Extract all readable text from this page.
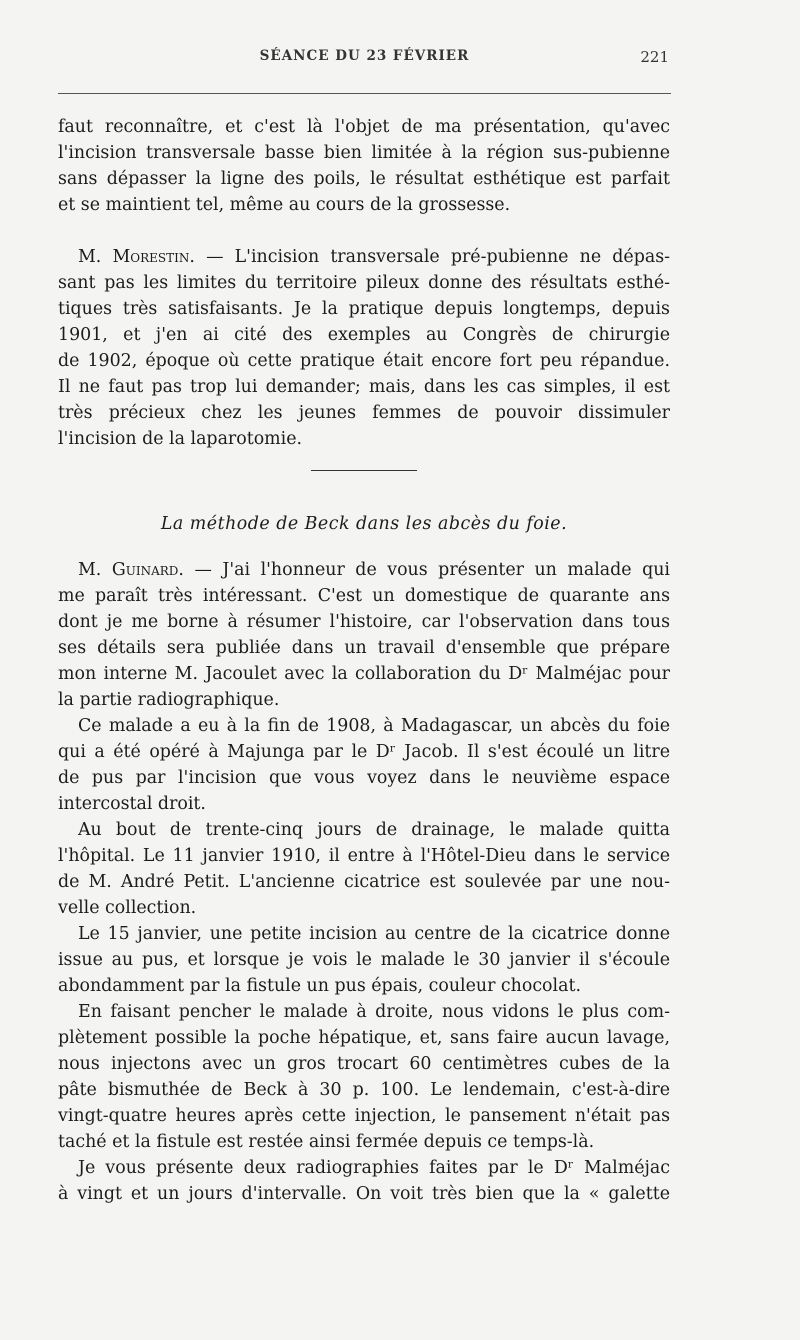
SÉANCE DU 23 FÉVRIER	221
faut reconnaître, et c'est là l'objet de ma présentation, qu'avec
l'incision transversale basse bien limitée à la région sus-pubienne
sans dépasser la ligne des poils, le résultat esthétique est parfait
et se maintient tel, même au cours de la grossesse.
M. Morestin. — L'incision transversale pré-pubienne ne dépas-
sant pas les limites du territoire pileux donne des résultats esthé-
tiques très satisfaisants. Je la pratique depuis longtemps, depuis
1901, et j'en ai cité des exemples au Congrès de chirurgie
de 1902, époque où cette pratique était encore fort peu répandue.
Il ne faut pas trop lui demander; mais, dans les cas simples, il est
très précieux chez les jeunes femmes de pouvoir dissimuler
l'incision de la laparotomie.
La méthode de Beck dans les abcès du foie.
M. Guinard. — J'ai l'honneur de vous présenter un malade qui
me paraît très intéressant. C'est un domestique de quarante ans
dont je me borne à résumer l'histoire, car l'observation dans tous
ses détails sera publiée dans un travail d'ensemble que prépare
mon interne M. Jacoulet avec la collaboration du Dʳ Malméjac pour
la partie radiographique.
Ce malade a eu à la fin de 1908, à Madagascar, un abcès du foie
qui a été opéré à Majunga par le Dʳ Jacob. Il s'est écoulé un litre
de pus par l'incision que vous voyez dans le neuvième espace
intercostal droit.
Au bout de trente-cinq jours de drainage, le malade quitta
l'hôpital. Le 11 janvier 1910, il entre à l'Hôtel-Dieu dans le service
de M. André Petit. L'ancienne cicatrice est soulevée par une nou-
velle collection.
Le 15 janvier, une petite incision au centre de la cicatrice donne
issue au pus, et lorsque je vois le malade le 30 janvier il s'écoule
abondamment par la fistule un pus épais, couleur chocolat.
En faisant pencher le malade à droite, nous vidons le plus com-
plètement possible la poche hépatique, et, sans faire aucun lavage,
nous injectons avec un gros trocart 60 centimètres cubes de la
pâte bismuthée de Beck à 30 p. 100. Le lendemain, c'est-à-dire
vingt-quatre heures après cette injection, le pansement n'était pas
taché et la fistule est restée ainsi fermée depuis ce temps-là.
Je vous présente deux radiographies faites par le Dʳ Malméjac
à vingt et un jours d'intervalle. On voit très bien que la « galette
